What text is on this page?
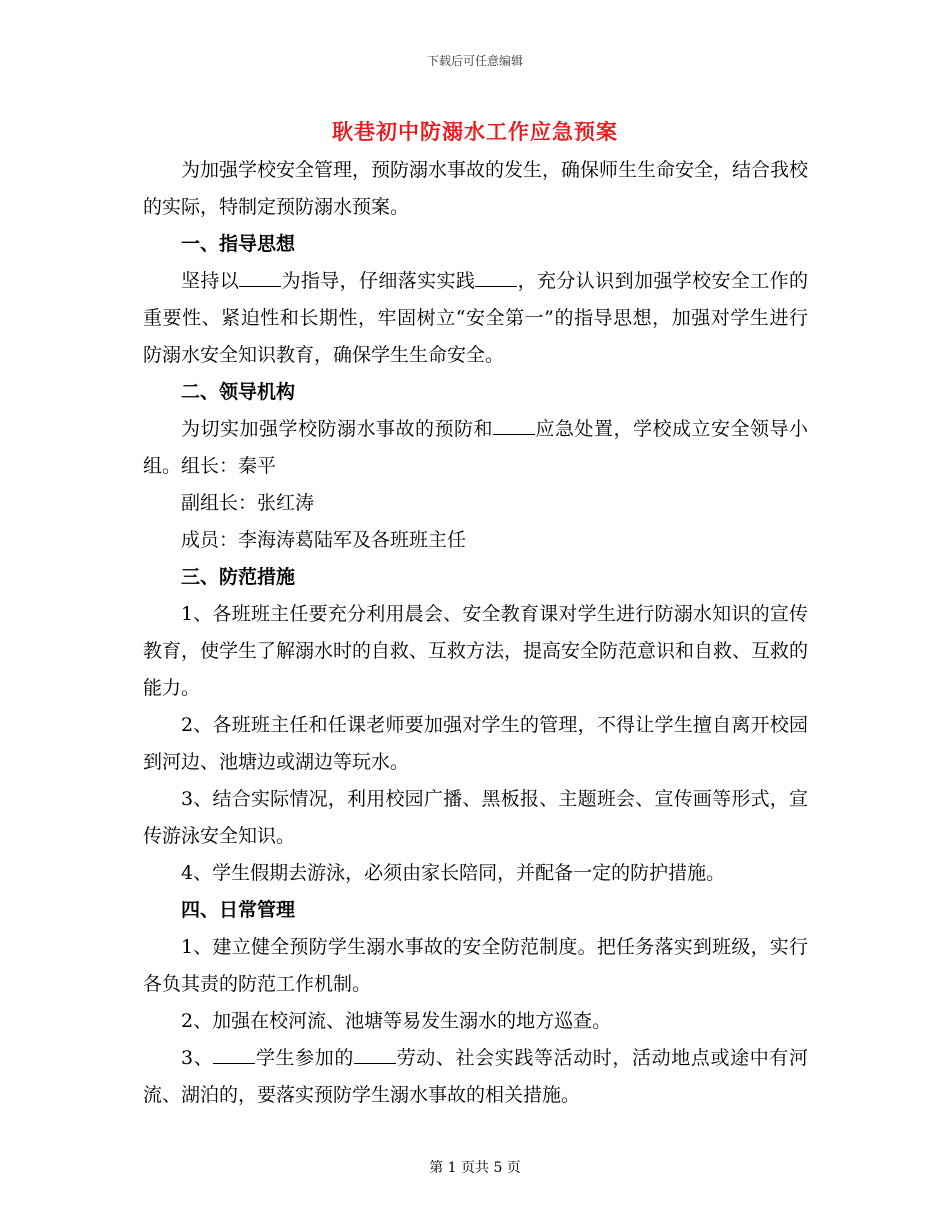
下载后可任意编辑
耿巷初中防溺水工作应急预案

为加强学校安全管理，预防溺水事故的发生，确保师生生命安全，结合我校的实际，特制定预防溺水预案。

一、指导思想

坚持以 为指导，仔细落实实践 ，充分认识到加强学校安全工作的重要性、紧迫性和长期性，牢固树立“安全第一”的指导思想，加强对学生进行防溺水安全知识教育，确保学生生命安全。

二、领导机构

为切实加强学校防溺水事故的预防和 应急处置，学校成立安全领导小组。组长：秦平

副组长：张红涛

成员：李海涛葛陆军及各班班主任

三、防范措施

1、各班班主任要充分利用晨会、安全教育课对学生进行防溺水知识的宣传教育，使学生了解溺水时的自救、互救方法，提高安全防范意识和自救、互救的能力。

2、各班班主任和任课老师要加强对学生的管理，不得让学生擅自离开校园到河边、池塘边或湖边等玩水。

3、结合实际情况，利用校园广播、黑板报、主题班会、宣传画等形式，宣传游泳安全知识。

4、学生假期去游泳，必须由家长陪同，并配备一定的防护措施。

四、日常管理

1、建立健全预防学生溺水事故的安全防范制度。把任务落实到班级，实行各负其责的防范工作机制。

2、加强在校河流、池塘等易发生溺水的地方巡查。

3、 学生参加的 劳动、社会实践等活动时，活动地点或途中有河流、湖泊的，要落实预防学生溺水事故的相关措施。

第 1 页共 5 页
